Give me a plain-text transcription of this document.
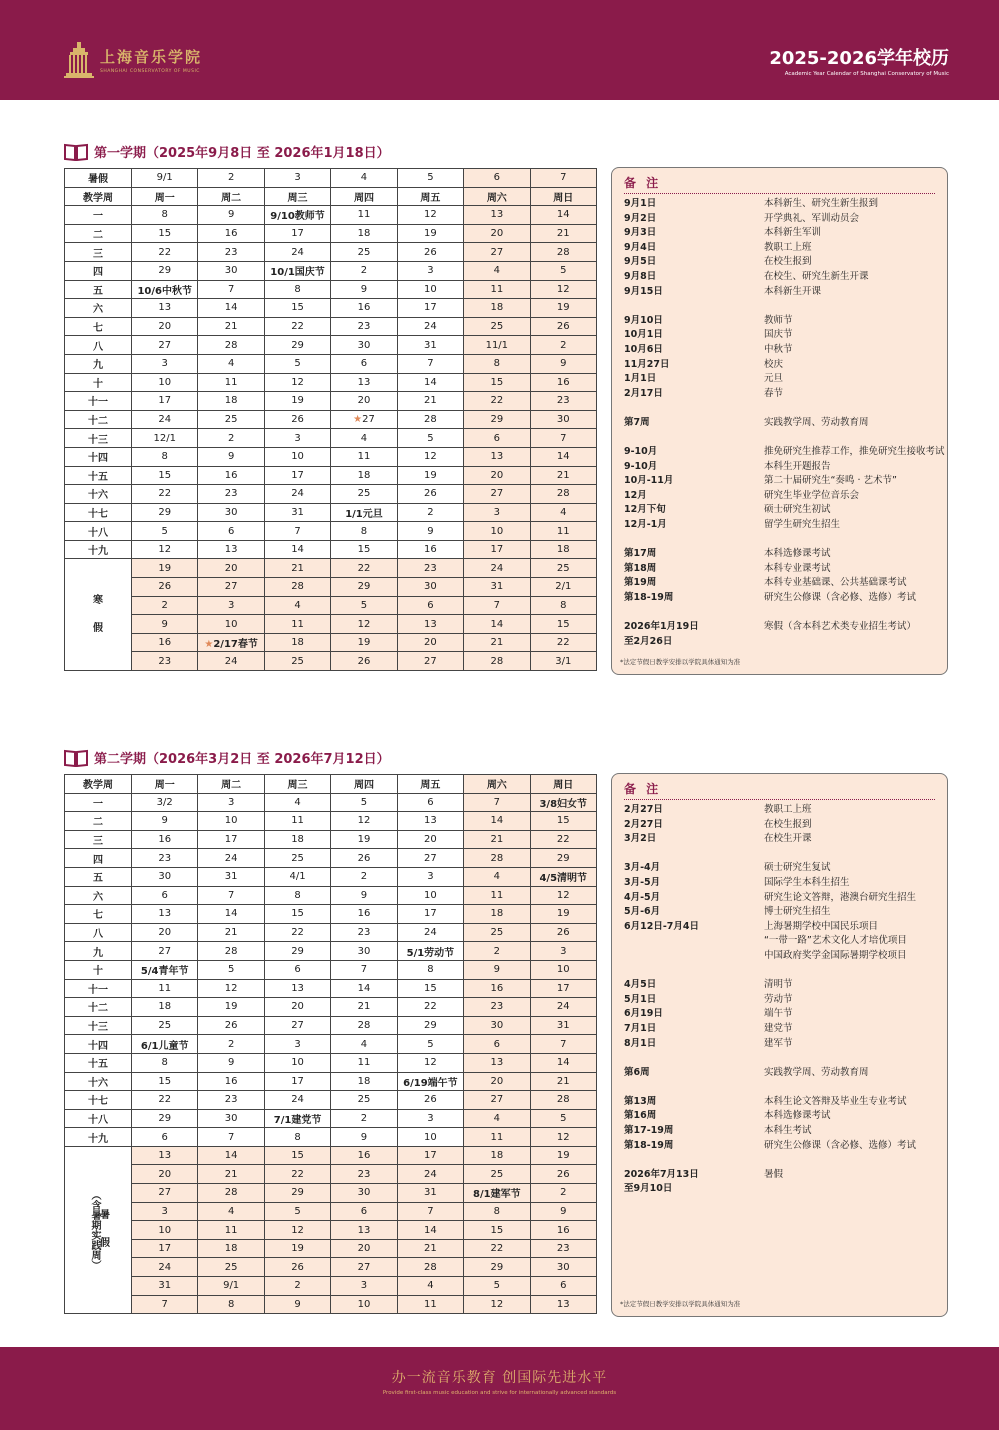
上海音乐学院
SHANGHAI CONSERVATORY OF MUSIC
2025-2026学年校历
Academic Year Calendar of Shanghai Conservatory of Music
第一学期（2025年9月8日 至 2026年1月18日）
暑假	9/1	2	3	4	5	6	7
教学周	周一	周二	周三	周四	周五	周六	周日
一	8	9	9/10教师节	11	12	13	14
二	15	16	17	18	19	20	21
三	22	23	24	25	26	27	28
四	29	30	10/1国庆节	2	3	4	5
五	10/6中秋节	7	8	9	10	11	12
六	13	14	15	16	17	18	19
七	20	21	22	23	24	25	26
八	27	28	29	30	31	11/1	2
九	3	4	5	6	7	8	9
十	10	11	12	13	14	15	16
十一	17	18	19	20	21	22	23
十二	24	25	26	★27	28	29	30
十三	12/1	2	3	4	5	6	7
十四	8	9	10	11	12	13	14
十五	15	16	17	18	19	20	21
十六	22	23	24	25	26	27	28
十七	29	30	31	1/1元旦	2	3	4
十八	5	6	7	8	9	10	11
十九	12	13	14	15	16	17	18

寒

假	19	20	21	22	23	24	25
	26	27	28	29	30	31	2/1
	2	3	4	5	6	7	8
	9	10	11	12	13	14	15
	16	★2/17春节	18	19	20	21	22
	23	24	25	26	27	28	3/1
备 注
9月1日	本科新生、研究生新生报到
9月2日	开学典礼、军训动员会
9月3日	本科新生军训
9月4日	教职工上班
9月5日	在校生报到
9月8日	在校生、研究生新生开课
9月15日	本科新生开课
9月10日	教师节
10月1日	国庆节
10月6日	中秋节
11月27日	校庆
1月1日	元旦
2月17日	春节
第7周	实践教学周、劳动教育周
9-10月	推免研究生推荐工作，推免研究生接收考试
9-10月	本科生开题报告
10月-11月	第二十届研究生“奏鸣 · 艺术节”
12月	研究生毕业学位音乐会
12月下旬	硕士研究生初试
12月-1月	留学生研究生招生
第17周	本科选修课考试
第18周	本科专业课考试
第19周	本科专业基础课、公共基础课考试
第18-19周	研究生公修课（含必修、选修）考试
2026年1月19日	寒假（含本科艺术类专业招生考试）
至2月26日
*法定节假日教学安排以学院具体通知为准
第二学期（2026年3月2日 至 2026年7月12日）
教学周	周一	周二	周三	周四	周五	周六	周日
一	3/2	3	4	5	6	7	3/8妇女节
二	9	10	11	12	13	14	15
三	16	17	18	19	20	21	22
四	23	24	25	26	27	28	29
五	30	31	4/1	2	3	4	4/5清明节
六	6	7	8	9	10	11	12
七	13	14	15	16	17	18	19
八	20	21	22	23	24	25	26
九	27	28	29	30	5/1劳动节	2	3
十	5/4青年节	5	6	7	8	9	10
十一	11	12	13	14	15	16	17
十二	18	19	20	21	22	23	24
十三	25	26	27	28	29	30	31
十四	6/1儿童节	2	3	4	5	6	7
十五	8	9	10	11	12	13	14
十六	15	16	17	18	6/19端午节	20	21
十七	22	23	24	25	26	27	28
十八	29	30	7/1建党节	2	3	4	5
十九	6	7	8	9	10	11	12

（含暑期实践周） 暑

假	13	14	15	16	17	18	19
	20	21	22	23	24	25	26
	27	28	29	30	31	8/1建军节	2
	3	4	5	6	7	8	9
	10	11	12	13	14	15	16
	17	18	19	20	21	22	23
	24	25	26	27	28	29	30
	31	9/1	2	3	4	5	6
	7	8	9	10	11	12	13
备 注
2月27日	教职工上班
2月27日	在校生报到
3月2日	在校生开课
3月-4月	硕士研究生复试
3月-5月	国际学生本科生招生
4月-5月	研究生论文答辩，港澳台研究生招生
5月-6月	博士研究生招生
6月12日-7月4日	上海暑期学校中国民乐项目
“一带一路”艺术文化人才培优项目
中国政府奖学金国际暑期学校项目
4月5日	清明节
5月1日	劳动节
6月19日	端午节
7月1日	建党节
8月1日	建军节
第6周	实践教学周、劳动教育周
第13周	本科生论文答辩及毕业生专业考试
第16周	本科选修课考试
第17-19周	本科生考试
第18-19周	研究生公修课（含必修、选修）考试
2026年7月13日	暑假
至9月10日
*法定节假日教学安排以学院具体通知为准
办一流音乐教育 创国际先进水平
Provide first-class music education and strive for internationally advanced standards
